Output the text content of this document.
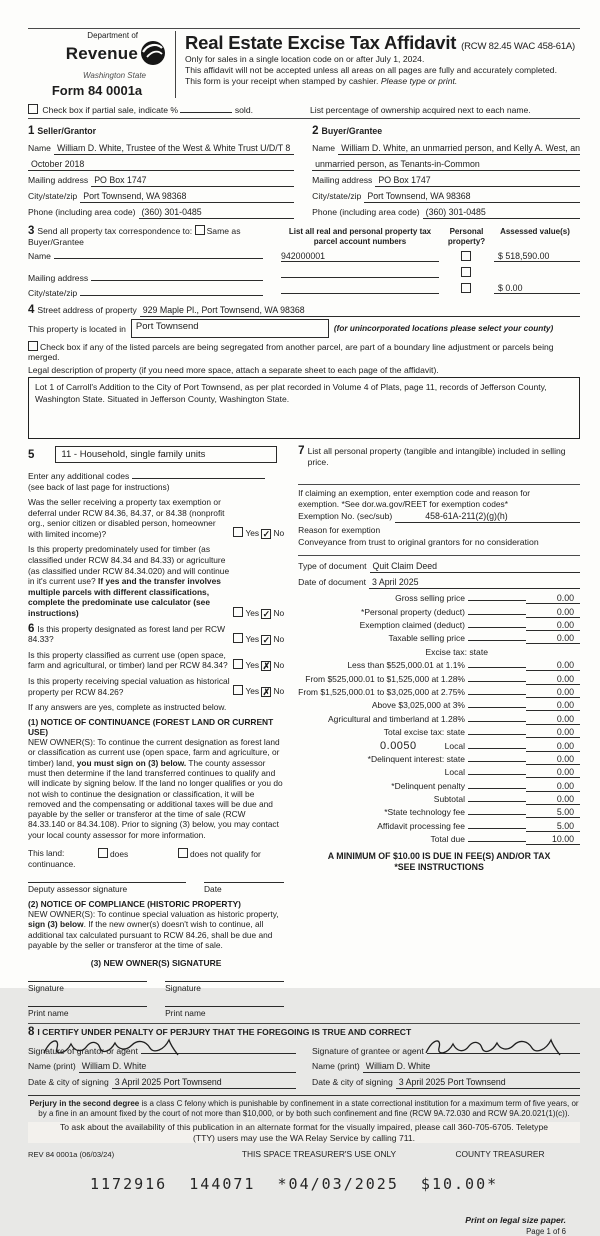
Department of
Revenue
Washington State
Form 84 0001a
Real Estate Excise Tax Affidavit (RCW 82.45 WAC 458-61A)
Only for sales in a single location code on or after July 1, 2024.
This affidavit will not be accepted unless all areas on all pages are fully and accurately completed.
This form is your receipt when stamped by cashier. Please type or print.
Check box if partial sale, indicate %	sold.	List percentage of ownership acquired next to each name.
1 Seller/Grantor
Name William D. White, Trustee of the West & White Trust U/D/T 8
October 2018
Mailing address PO Box 1747
City/state/zip Port Townsend, WA 98368
Phone (including area code) (360) 301-0485
2 Buyer/Grantee
Name William D. White, an unmarried person, and Kelly A. West, an
unmarried person, as Tenants-in-Common
Mailing address PO Box 1747
City/state/zip Port Townsend, WA 98368
Phone (including area code) (360) 301-0485
3 Send all property tax correspondence to: Same as Buyer/Grantee
Name
Mailing address
City/state/zip
List all real and personal property tax parcel account numbers
Personal property?
Assessed value(s)
942000001	$ 518,590.00
$ 0.00
4 Street address of property 929 Maple Pl., Port Townsend, WA 98368
This property is located in	Port Townsend	(for unincorporated locations please select your county)
Check box if any of the listed parcels are being segregated from another parcel, are part of a boundary line adjustment or parcels being merged.
Legal description of property (if you need more space, attach a separate sheet to each page of the affidavit).
Lot 1 of Carroll's Addition to the City of Port Townsend, as per plat recorded in Volume 4 of Plats, page 11, records of Jefferson County, Washington State. Situated in Jefferson County, Washington State.
5	11 - Household, single family units
Enter any additional codes
(see back of last page for instructions)
Was the seller receiving a property tax exemption or deferral under RCW 84.36, 84.37, or 84.38 (nonprofit org., senior citizen or disabled person, homeowner with limited income)?	Yes ✓ No
Is this property predominately used for timber (as classified under RCW 84.34 and 84.33) or agriculture (as classified under RCW 84.34.020) and will continue in it's current use? If yes and the transfer involves multiple parcels with different classifications, complete the predominate use calculator (see instructions)	Yes ✓ No
6 Is this property designated as forest land per RCW 84.33?	Yes ✓ No
Is this property classified as current use (open space, farm and agricultural, or timber) land per RCW 84.34?	Yes ✗ No
Is this property receiving special valuation as historical property per RCW 84.26?	Yes ✗ No
If any answers are yes, complete as instructed below.
(1) NOTICE OF CONTINUANCE (FOREST LAND OR CURRENT USE)
NEW OWNER(S): To continue the current designation as forest land or classification as current use (open space, farm and agriculture, or timber) land, you must sign on (3) below. The county assessor must then determine if the land transferred continues to qualify and will indicate by signing below. If the land no longer qualifies or you do not wish to continue the designation or classification, it will be removed and the compensating or additional taxes will be due and payable by the seller or transferor at the time of sale (RCW 84.33.140 or 84.34.108). Prior to signing (3) below, you may contact your local county assessor for more information.
This land:	does	does not qualify for
continuance.
Deputy assessor signature	Date
(2) NOTICE OF COMPLIANCE (HISTORIC PROPERTY)
NEW OWNER(S): To continue special valuation as historic property, sign (3) below. If the new owner(s) doesn't wish to continue, all additional tax calculated pursuant to RCW 84.26, shall be due and payable by the seller or transferor at the time of sale.
(3) NEW OWNER(S) SIGNATURE
Signature	Signature
Print name	Print name
7 List all personal property (tangible and intangible) included in selling price.
If claiming an exemption, enter exemption code and reason for
exemption. *See dor.wa.gov/REET for exemption codes*
Exemption No. (sec/sub)	458-61A-211(2)(g)(h)
Reason for exemption
Conveyance from trust to original grantors for no consideration
Type of document Quit Claim Deed
Date of document 3 April 2025
Gross selling price	0.00
*Personal property (deduct)	0.00
Exemption claimed (deduct)	0.00
Taxable selling price	0.00
Excise tax: state
Less than $525,000.01 at 1.1%	0.00
From $525,000.01 to $1,525,000 at 1.28%	0.00
From $1,525,000.01 to $3,025,000 at 2.75%	0.00
Above $3,025,000 at 3%	0.00
Agricultural and timberland at 1.28%	0.00
Total excise tax: state	0.00
0.0050	Local	0.00
*Delinquent interest: state	0.00
Local	0.00
*Delinquent penalty	0.00
Subtotal	0.00
*State technology fee	5.00
Affidavit processing fee	5.00
Total due	10.00
A MINIMUM OF $10.00 IS DUE IN FEE(S) AND/OR TAX
*SEE INSTRUCTIONS
8 I CERTIFY UNDER PENALTY OF PERJURY THAT THE FOREGOING IS TRUE AND CORRECT
Signature of grantor or agent
Name (print) William D. White
Date & city of signing 3 April 2025 Port Townsend
Signature of grantee or agent
Name (print) William D. White
Date & city of signing 3 April 2025 Port Townsend
Perjury in the second degree is a class C felony which is punishable by confinement in a state correctional institution for a maximum term of five years, or by a fine in an amount fixed by the court of not more than $10,000, or by both such confinement and fine (RCW 9A.72.030 and RCW 9A.20.021(1)(c)).
To ask about the availability of this publication in an alternate format for the visually impaired, please call 360-705-6705. Teletype
(TTY) users may use the WA Relay Service by calling 711.
REV 84 0001a (06/03/24)	THIS SPACE TREASURER'S USE ONLY	COUNTY TREASURER
1172916  144071  *04/03/2025  $10.00*
Print on legal size paper.
Page 1 of 6
